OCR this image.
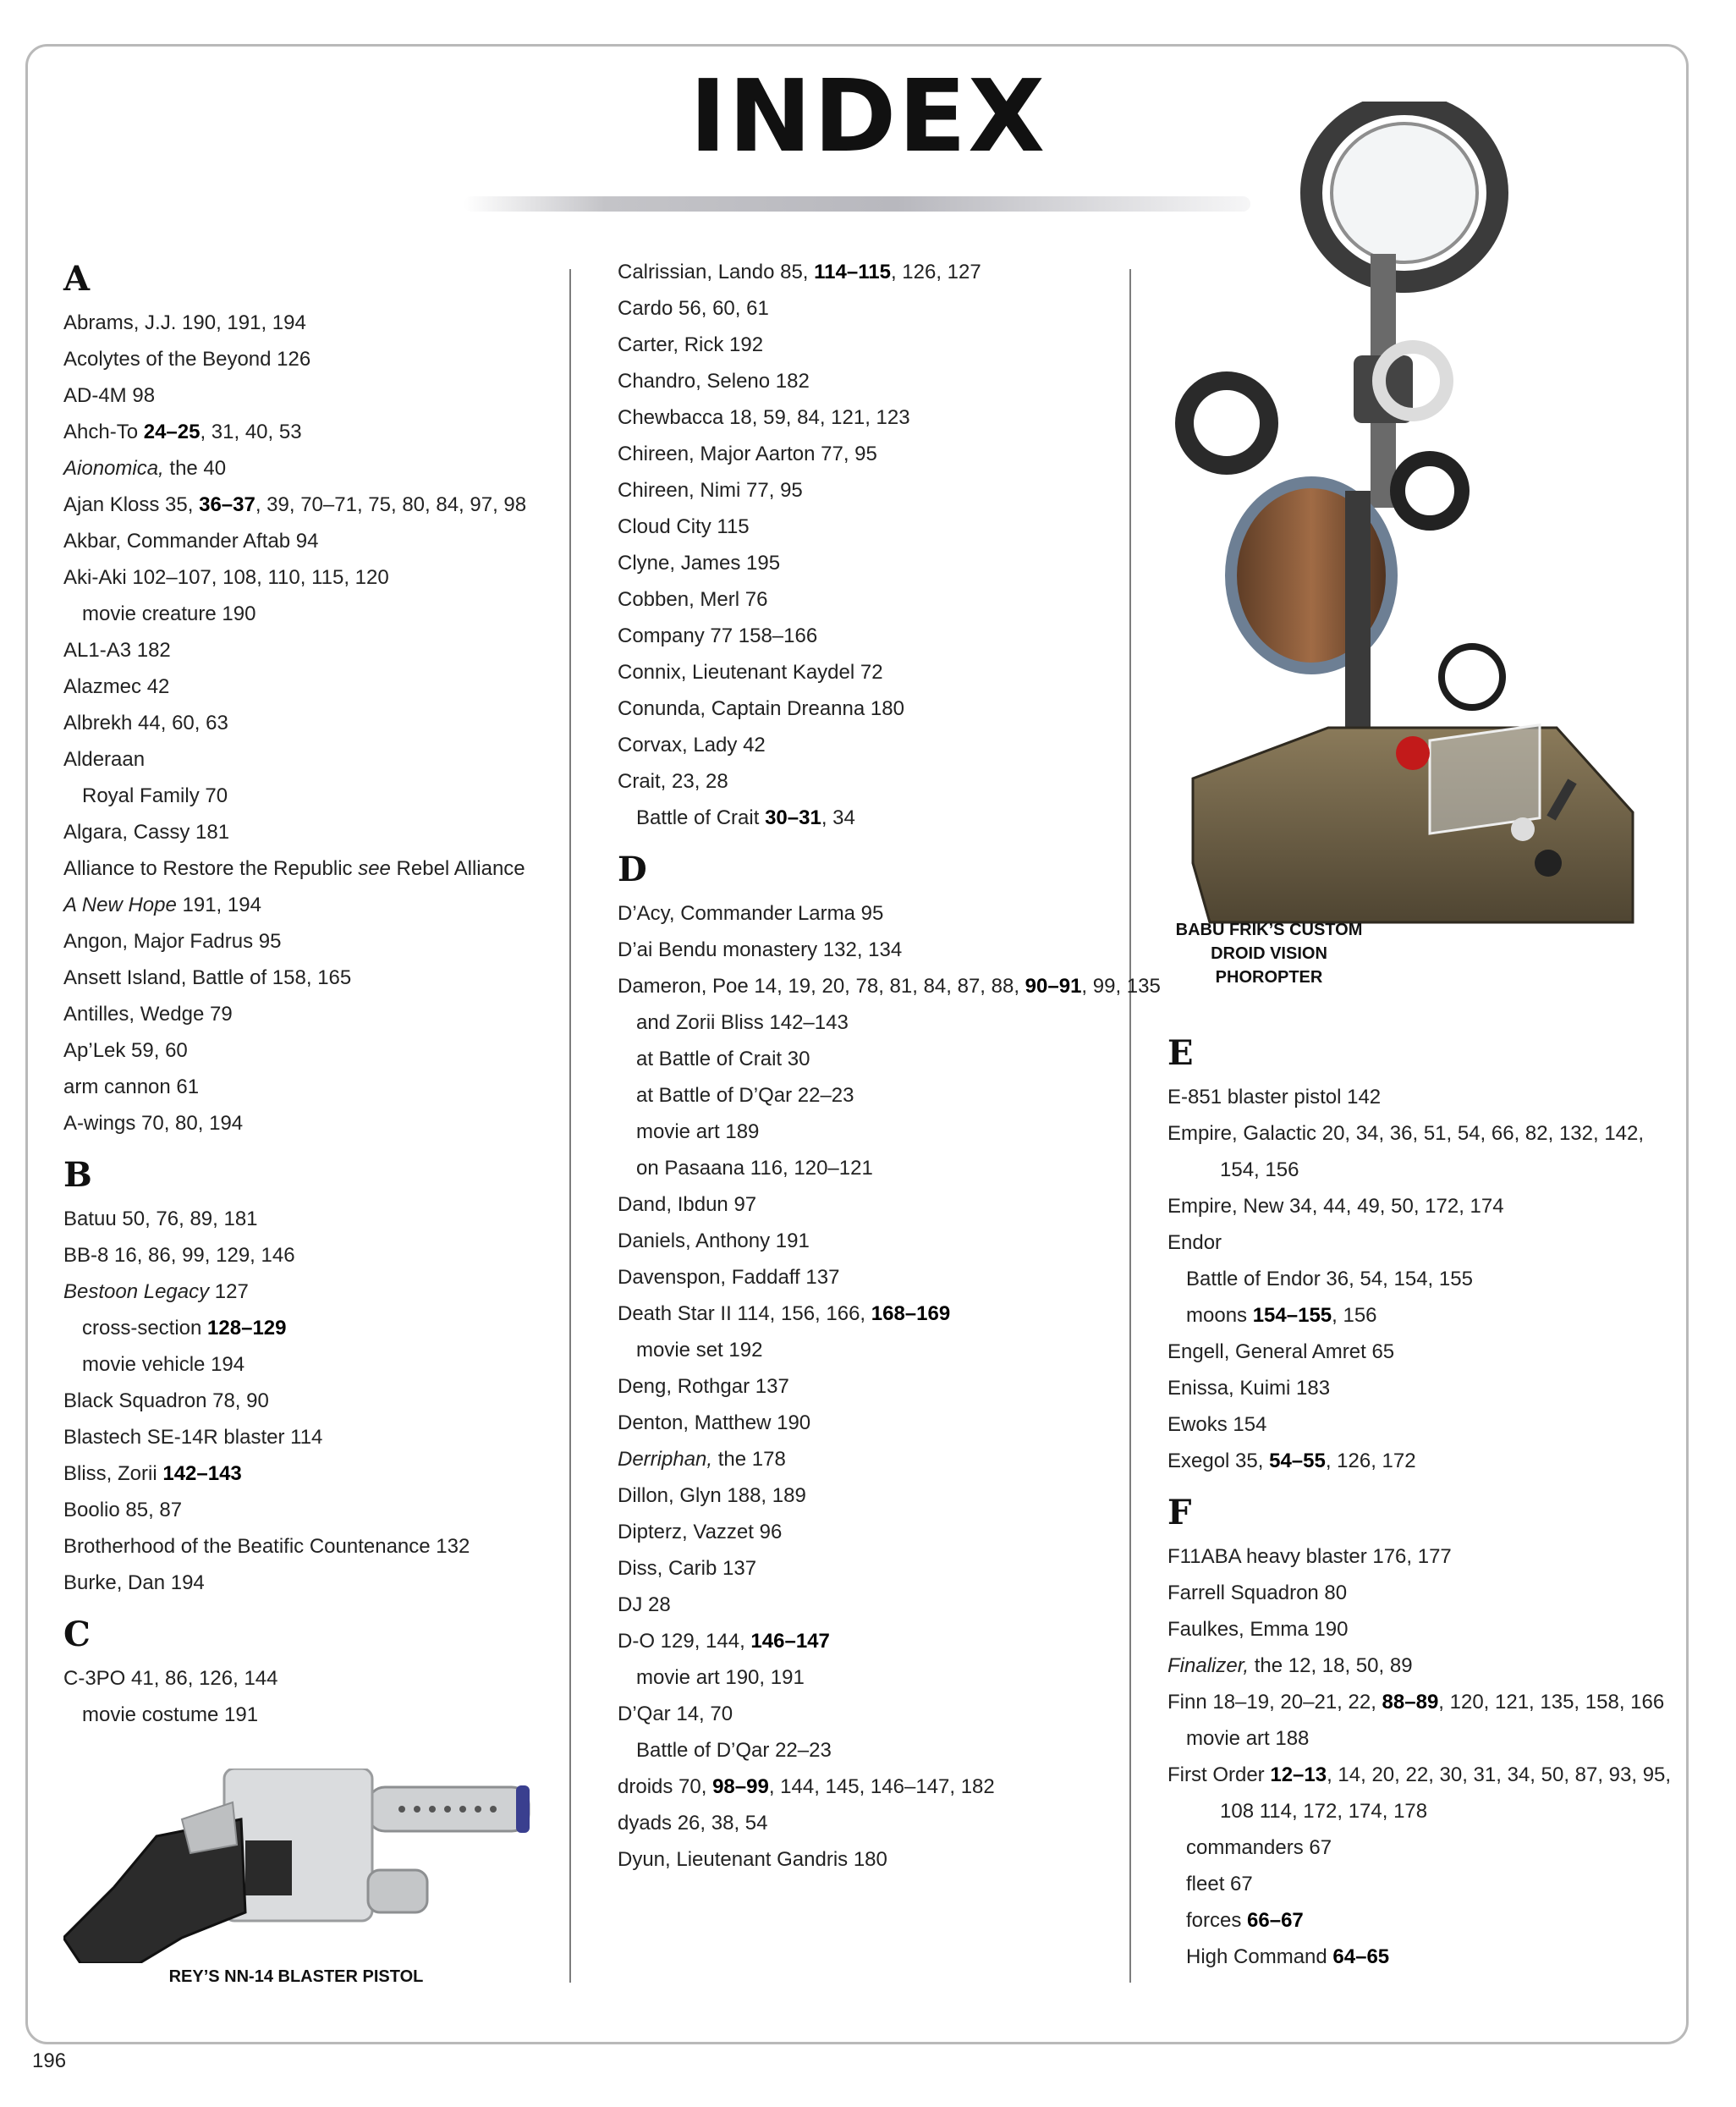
INDEX
A
Abrams, J.J. 190, 191, 194
Acolytes of the Beyond 126
AD-4M 98
Ahch-To 24–25, 31, 40, 53
Aionomica, the 40
Ajan Kloss 35, 36–37, 39, 70–71, 75, 80, 84, 97, 98
Akbar, Commander Aftab 94
Aki-Aki 102–107, 108, 110, 115, 120
movie creature 190
AL1-A3 182
Alazmec 42
Albrekh 44, 60, 63
Alderaan
Royal Family 70
Algara, Cassy 181
Alliance to Restore the Republic see Rebel Alliance
A New Hope 191, 194
Angon, Major Fadrus 95
Ansett Island, Battle of 158, 165
Antilles, Wedge 79
Ap’Lek 59, 60
arm cannon 61
A-wings 70, 80, 194
B
Batuu 50, 76, 89, 181
BB-8 16, 86, 99, 129, 146
Bestoon Legacy 127
cross-section 128–129
movie vehicle 194
Black Squadron 78, 90
Blastech SE-14R blaster 114
Bliss, Zorii 142–143
Boolio 85, 87
Brotherhood of the Beatific Countenance 132
Burke, Dan 194
C
C-3PO 41, 86, 126, 144
movie costume 191
Calrissian, Lando 85, 114–115, 126, 127
Cardo 56, 60, 61
Carter, Rick 192
Chandro, Seleno 182
Chewbacca 18, 59, 84, 121, 123
Chireen, Major Aarton 77, 95
Chireen, Nimi 77, 95
Cloud City 115
Clyne, James 195
Cobben, Merl 76
Company 77 158–166
Connix, Lieutenant Kaydel 72
Conunda, Captain Dreanna 180
Corvax, Lady 42
Crait, 23, 28
Battle of Crait 30–31, 34
D
D’Acy, Commander Larma 95
D’ai Bendu monastery 132, 134
Dameron, Poe 14, 19, 20, 78, 81, 84, 87, 88, 90–91, 99, 135
and Zorii Bliss 142–143
at Battle of Crait 30
at Battle of D’Qar 22–23
movie art 189
on Pasaana 116, 120–121
Dand, Ibdun 97
Daniels, Anthony 191
Davenspon, Faddaff 137
Death Star II 114, 156, 166, 168–169
movie set 192
Deng, Rothgar 137
Denton, Matthew 190
Derriphan, the 178
Dillon, Glyn 188, 189
Dipterz, Vazzet 96
Diss, Carib 137
DJ 28
D-O 129, 144, 146–147
movie art 190, 191
D’Qar 14, 70
Battle of D’Qar 22–23
droids 70, 98–99, 144, 145, 146–147, 182
dyads 26, 38, 54
Dyun, Lieutenant Gandris 180
E
E-851 blaster pistol 142
Empire, Galactic 20, 34, 36, 51, 54, 66, 82, 132, 142,
154, 156
Empire, New 34, 44, 49, 50, 172, 174
Endor
Battle of Endor 36, 54, 154, 155
moons 154–155, 156
Engell, General Amret 65
Enissa, Kuimi 183
Ewoks 154
Exegol 35, 54–55, 126, 172
F
F11ABA heavy blaster 176, 177
Farrell Squadron 80
Faulkes, Emma 190
Finalizer, the 12, 18, 50, 89
Finn 18–19, 20–21, 22, 88–89, 120, 121, 135, 158, 166
movie art 188
First Order 12–13, 14, 20, 22, 30, 31, 34, 50, 87, 93, 95,
108 114, 172, 174, 178
commanders 67
fleet 67
forces 66–67
High Command 64–65
BABU FRIK’S CUSTOM DROID VISION PHOROPTER
REY’S NN-14 BLASTER PISTOL
196
